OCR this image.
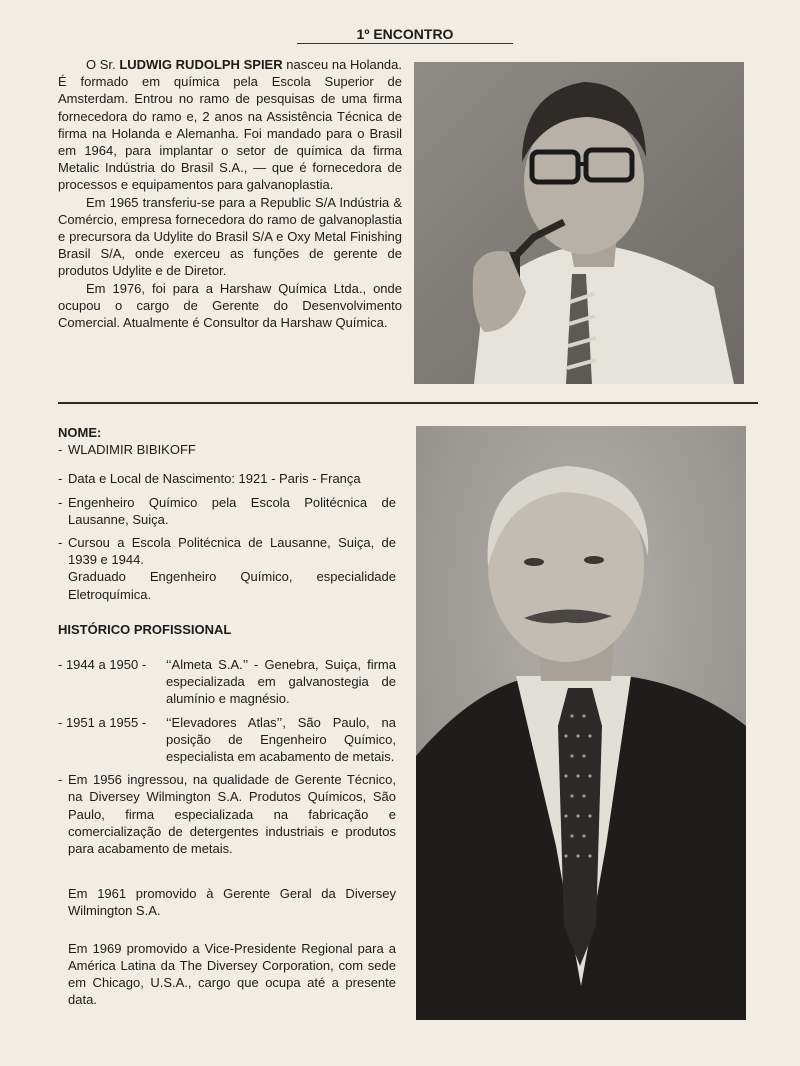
1º ENCONTRO

O Sr. LUDWIG RUDOLPH SPIER nasceu na Holanda. É formado em química pela Escola Superior de Amsterdam. Entrou no ramo de pesquisas de uma firma fornecedora do ramo e, 2 anos na Assistência Técnica de firma na Holanda e Alemanha. Foi mandado para o Brasil em 1964, para implantar o setor de química da firma Metalic Indústria do Brasil S.A., — que é fornecedora de processos e equipamentos para galvanoplastia.

Em 1965 transferiu-se para a Republic S/A Indústria & Comércio, empresa fornecedora do ramo de galvanoplastia e precursora da Udylite do Brasil S/A e Oxy Metal Finishing Brasil S/A, onde exerceu as funções de gerente de produtos Udylite e de Diretor.

Em 1976, foi para a Harshaw Química Ltda., onde ocupou o cargo de Gerente do Desenvolvimento Comercial. Atualmente é Consultor da Harshaw Química.

NOME:
- WLADIMIR BIBIKOFF
- Data e Local de Nascimento: 1921 - Paris - França
- Engenheiro Químico pela Escola Politécnica de Lausanne, Suiça.
- Cursou a Escola Politécnica de Lausanne, Suiça, de 1939 e 1944.
Graduado Engenheiro Químico, especialidade Eletroquímica.
HISTÓRICO PROFISSIONAL
- 1944 a 1950 - ‘‘Almeta S.A.’’ - Genebra, Suiça, firma especializada em galvanostegia de alumínio e magnésio.
- 1951 a 1955 - ‘‘Elevadores Atlas’’, São Paulo, na posição de Engenheiro Químico, especialista em acabamento de metais.
- Em 1956 ingressou, na qualidade de Gerente Técnico, na Diversey Wilmington S.A. Produtos Químicos, São Paulo, firma especializada na fabricação e comercialização de detergentes industriais e produtos para acabamento de metais.
Em 1961 promovido à Gerente Geral da Diversey Wilmington S.A.
Em 1969 promovido a Vice-Presidente Regional para a América Latina da The Diversey Corporation, com sede em Chicago, U.S.A., cargo que ocupa até a presente data.
